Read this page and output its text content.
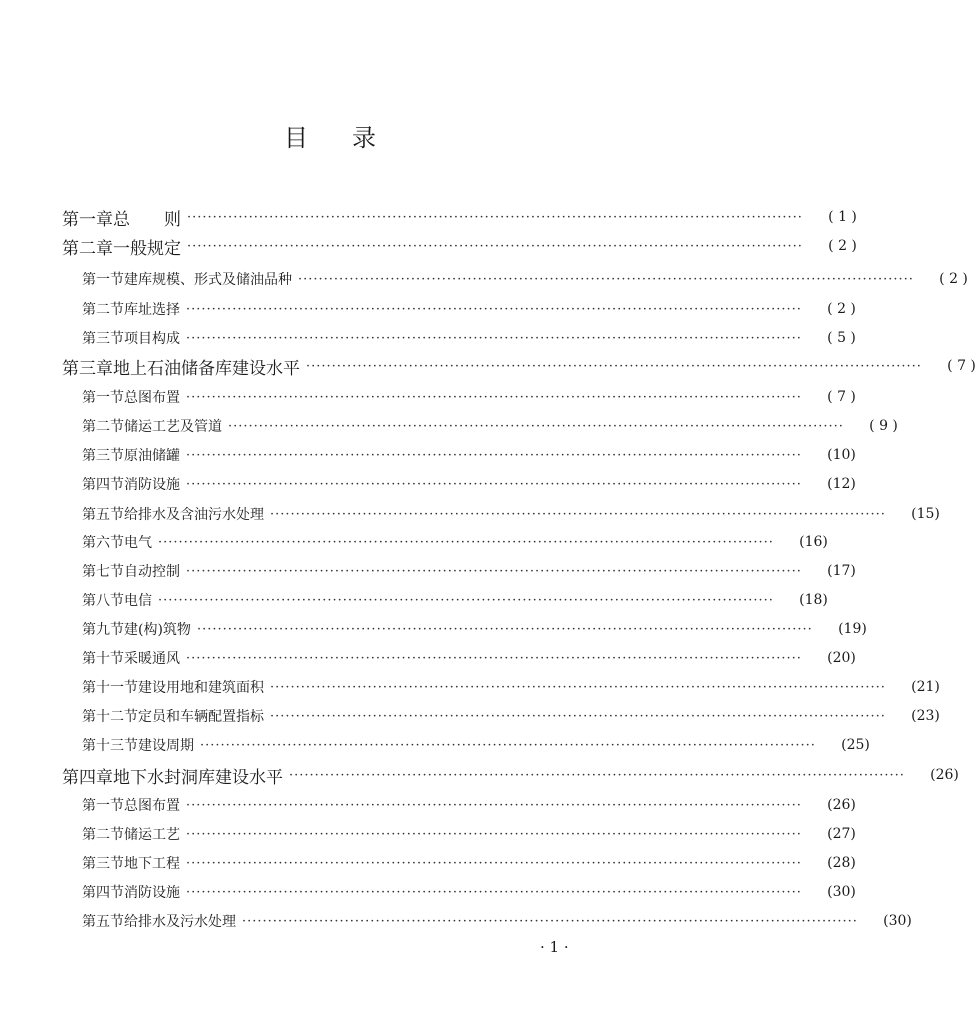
目录
第一章 总　　则 ························································································································	( 1 )
第二章 一般规定 ························································································································	( 2 )
第一节 建库规模、形式及储油品种 ························································································································	( 2 )
第二节 库址选择 ························································································································	( 2 )
第三节 项目构成 ························································································································	( 5 )
第三章 地上石油储备库建设水平 ························································································································	( 7 )
第一节 总图布置 ························································································································	( 7 )
第二节 储运工艺及管道 ························································································································	( 9 )
第三节 原油储罐 ························································································································	(10)
第四节 消防设施 ························································································································	(12)
第五节 给排水及含油污水处理 ························································································································	(15)
第六节 电气 ························································································································	(16)
第七节 自动控制 ························································································································	(17)
第八节 电信 ························································································································	(18)
第九节 建(构)筑物 ························································································································	(19)
第十节 采暖通风 ························································································································	(20)
第十一节 建设用地和建筑面积 ························································································································	(21)
第十二节 定员和车辆配置指标 ························································································································	(23)
第十三节 建设周期 ························································································································	(25)
第四章 地下水封洞库建设水平 ························································································································	(26)
第一节 总图布置 ························································································································	(26)
第二节 储运工艺 ························································································································	(27)
第三节 地下工程 ························································································································	(28)
第四节 消防设施 ························································································································	(30)
第五节 给排水及污水处理 ························································································································	(30)
· 1 ·
